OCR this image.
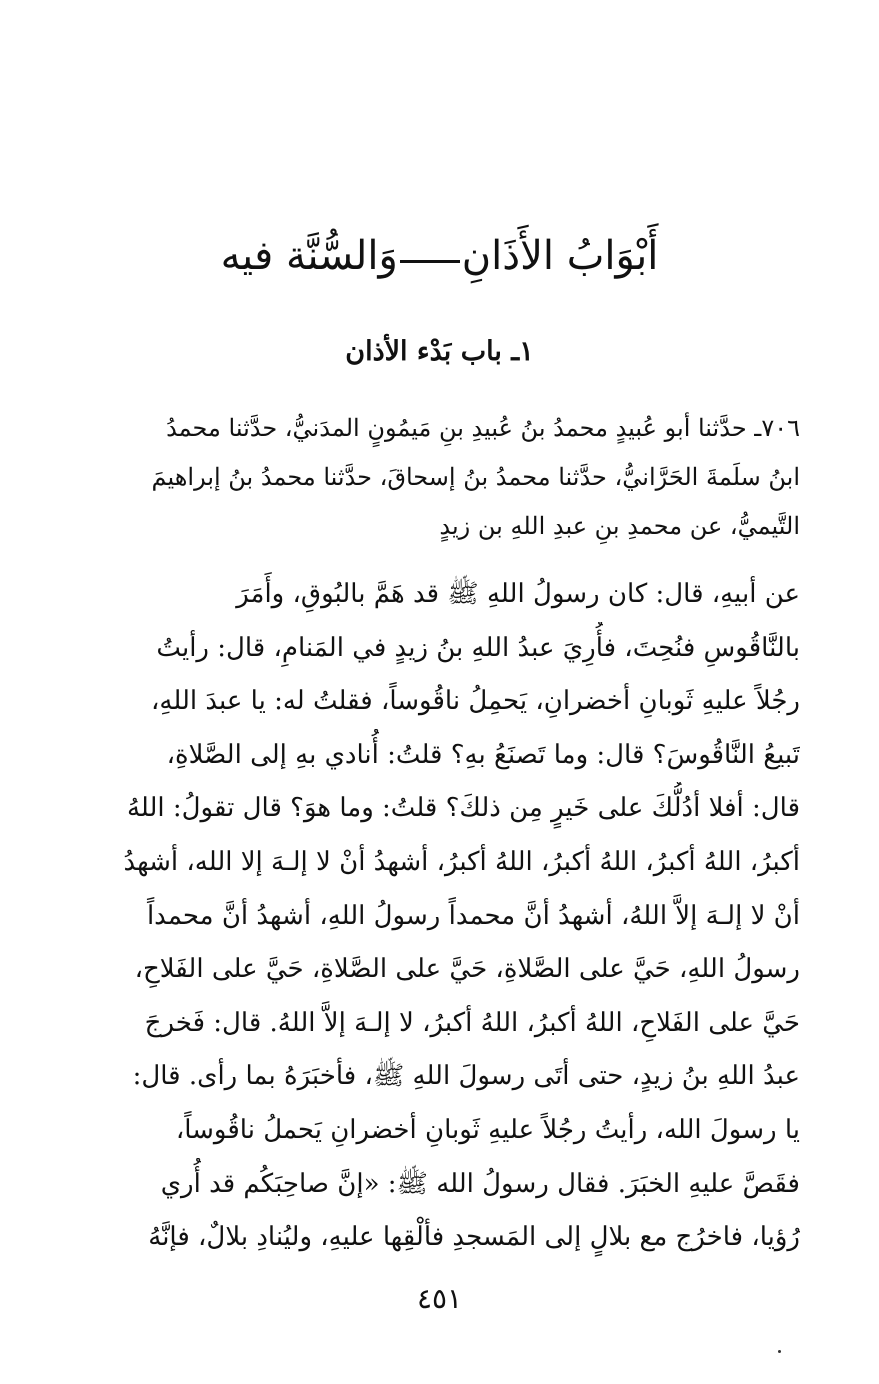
أَبْوَابُ الأَذَانِوَالسُّنَّة فيه
١ـ باب بَدْء الأذان
٧٠٦ـ حدَّثنا أبو عُبيدٍ محمدُ بنُ عُبيدِ بنِ مَيمُونٍ المدَنيُّ، حدَّثنا محمدُ
ابنُ سلَمةَ الحَرَّانيُّ، حدَّثنا محمدُ بنُ إسحاقَ، حدَّثنا محمدُ بنُ إبراهيمَ
التَّيميُّ، عن محمدِ بنِ عبدِ اللهِ بن زيدٍ
عن أبيهِ، قال: كان رسولُ اللهِ ﷺ قد هَمَّ بالبُوقِ، وأَمَرَ
بالنَّاقُوسِ فنُحِتَ، فأُرِيَ عبدُ اللهِ بنُ زيدٍ في المَنامِ، قال: رأيتُ
رجُلاً عليهِ ثَوبانِ أخضرانِ، يَحمِلُ ناقُوساً، فقلتُ له: يا عبدَ اللهِ،
تَبيعُ النَّاقُوسَ؟ قال: وما تَصنَعُ بهِ؟ قلتُ: أُنادي بهِ إلى الصَّلاةِ،
قال: أفلا أدُلُّكَ على خَيرٍ مِن ذلكَ؟ قلتُ: وما هوَ؟ قال تقولُ: اللهُ
أكبرُ، اللهُ أكبرُ، اللهُ أكبرُ، اللهُ أكبرُ، أشهدُ أنْ لا إلـهَ إلا الله، أشهدُ
أنْ لا إلـهَ إلاَّ اللهُ، أشهدُ أنَّ محمداً رسولُ اللهِ، أشهدُ أنَّ محمداً
رسولُ اللهِ، حَيَّ على الصَّلاةِ، حَيَّ على الصَّلاةِ، حَيَّ على الفَلاحِ،
حَيَّ على الفَلاحِ، اللهُ أكبرُ، اللهُ أكبرُ، لا إلـهَ إلاَّ اللهُ. قال: فَخرجَ
عبدُ اللهِ بنُ زيدٍ، حتى أتَى رسولَ اللهِ ﷺ، فأخبَرَهُ بما رأى. قال:
يا رسولَ الله، رأيتُ رجُلاً عليهِ ثَوبانِ أخضرانِ يَحملُ ناقُوساً،
فقَصَّ عليهِ الخبَرَ. فقال رسولُ الله ﷺ: «إنَّ صاحِبَكُم قد أُري
رُؤيا، فاخرُج مع بلالٍ إلى المَسجدِ فألْقِها عليهِ، وليُنادِ بلالٌ، فإنَّهُ
٤٥١
